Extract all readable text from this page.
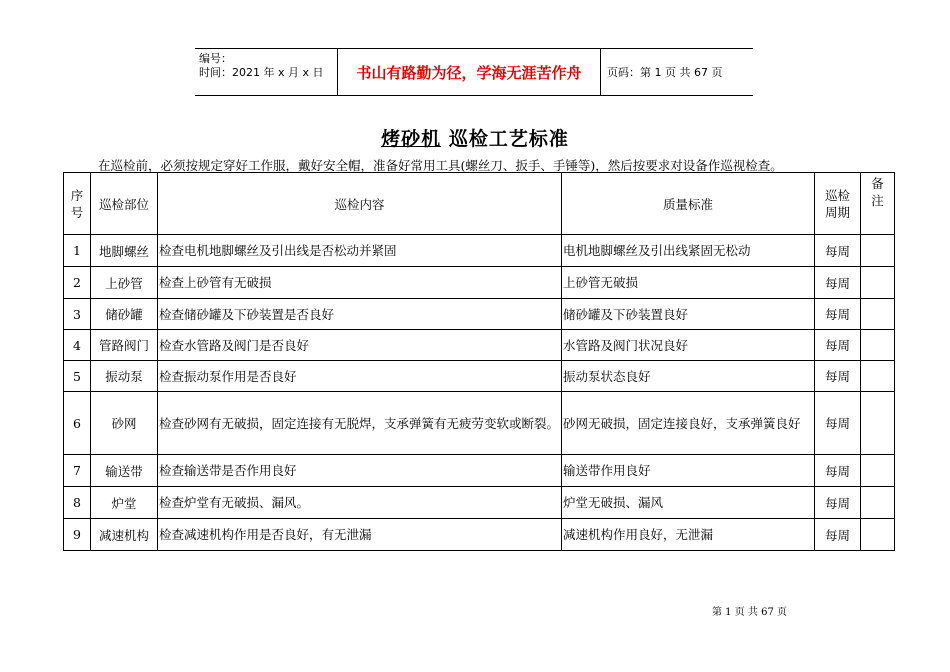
编号：
时间：2021 年 x 月 x 日	书山有路勤为径，学海无涯苦作舟	页码：第 1 页 共 67 页
烤砂机 巡检工艺标准
在巡检前，必须按规定穿好工作服，戴好安全帽，准备好常用工具(螺丝刀、扳手、手锤等)，然后按要求对设备作巡视检查。
序号	巡检部位	巡检内容	质量标准	巡检周期	备注

1	地脚螺丝	检查电机地脚螺丝及引出线是否松动并紧固	电机地脚螺丝及引出线紧固无松动	每周	
2	上砂管	检查上砂管有无破损	上砂管无破损	每周	
3	储砂罐	检查储砂罐及下砂装置是否良好	储砂罐及下砂装置良好	每周	
4	管路阀门	检查水管路及阀门是否良好	水管路及阀门状况良好	每周	
5	振动泵	检查振动泵作用是否良好	振动泵状态良好	每周	
6	砂网	检查砂网有无破损，固定连接有无脱焊，支承弹簧有无疲劳变软或断裂。	砂网无破损，固定连接良好，支承弹簧良好	每周	
7	输送带	检查输送带是否作用良好	输送带作用良好	每周	
8	炉堂	检查炉堂有无破损、漏风。	炉堂无破损、漏风	每周	
9	减速机构	检查减速机构作用是否良好，有无泄漏	减速机构作用良好，无泄漏	每周	
第 1 页 共 67 页
